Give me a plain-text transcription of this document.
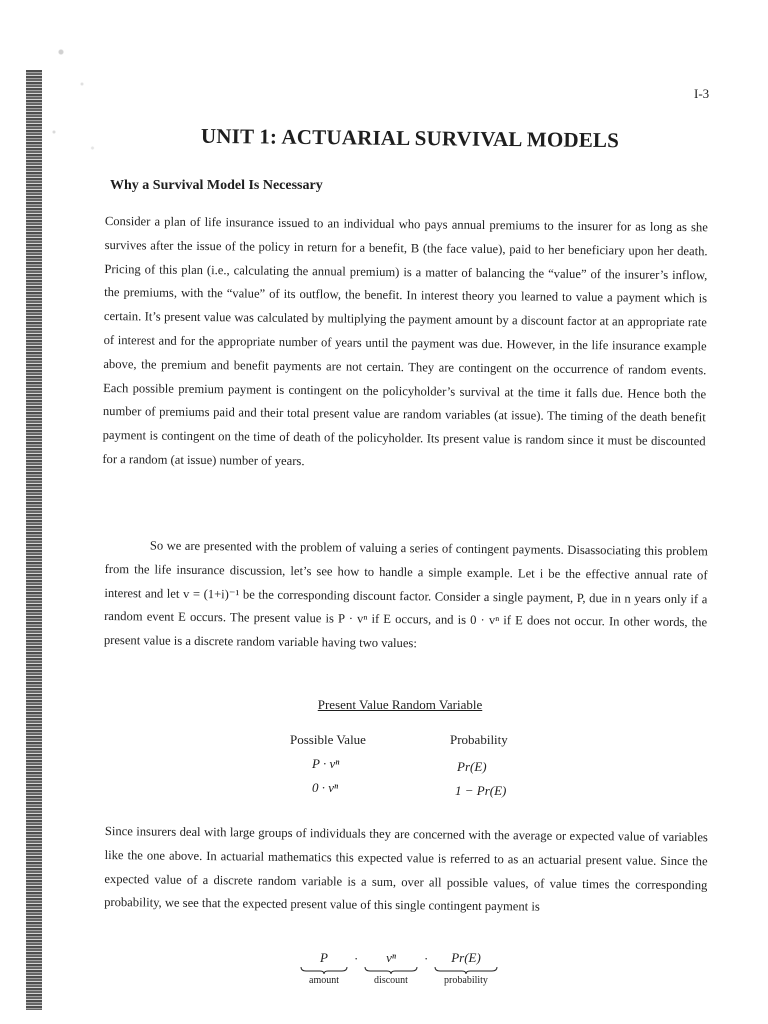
I-3
UNIT 1: ACTUARIAL SURVIVAL MODELS
Why a Survival Model Is Necessary

Consider a plan of life insurance issued to an individual who pays annual premiums to the insurer for as long as she survives after the issue of the policy in return for a benefit, B (the face value), paid to her beneficiary upon her death. Pricing of this plan (i.e., calculating the annual premium) is a matter of balancing the “value” of the insurer’s inflow, the premiums, with the “value” of its outflow, the benefit. In interest theory you learned to value a payment which is certain. It’s present value was calculated by multiplying the payment amount by a discount factor at an appropriate rate of interest and for the appropriate number of years until the payment was due. However, in the life insurance example above, the premium and benefit payments are not certain. They are contingent on the occurrence of random events. Each possible premium payment is contingent on the policyholder’s survival at the time it falls due. Hence both the number of premiums paid and their total present value are random variables (at issue). The timing of the death benefit payment is contingent on the time of death of the policyholder. Its present value is random since it must be discounted for a random (at issue) number of years.

So we are presented with the problem of valuing a series of contingent payments. Disassociating this problem from the life insurance discussion, let’s see how to handle a simple example. Let i be the effective annual rate of interest and let v = (1+i)⁻¹ be the corresponding discount factor. Consider a single payment, P, due in n years only if a random event E occurs. The present value is P · vⁿ if E occurs, and is 0 · vⁿ if E does not occur. In other words, the present value is a discrete random variable having two values:

Present Value Random Variable
Possible Value	Probability
P · vⁿ	Pr(E)
0 · vⁿ	1 − Pr(E)

Since insurers deal with large groups of individuals they are concerned with the average or expected value of variables like the one above. In actuarial mathematics this expected value is referred to as an actuarial present value. Since the expected value of a discrete random variable is a sum, over all possible values, of value times the corresponding probability, we see that the expected present value of this single contingent payment is

P
amount
·	vⁿ
discount
·	Pr(E)
probability
